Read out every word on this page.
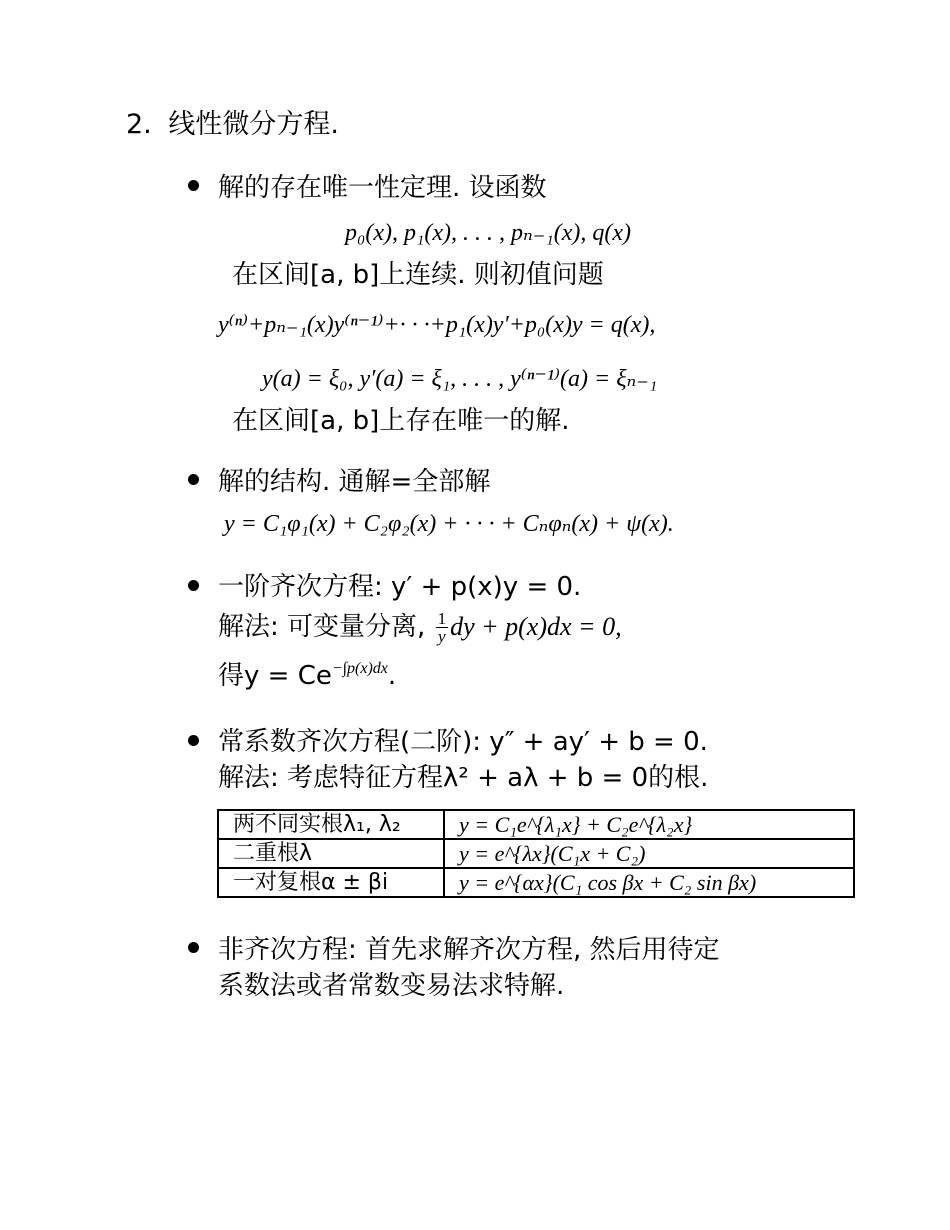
2. 线性微分方程.
解的存在唯一性定理. 设函数
p₀(x), p₁(x), . . . , pₙ₋₁(x), q(x)
在区间[a, b]上连续. 则初值问题
y⁽ⁿ⁾+pₙ₋₁(x)y⁽ⁿ⁻¹⁾+· · ·+p₁(x)y′+p₀(x)y = q(x),
y(a) = ξ₀, y′(a) = ξ₁, . . . , y⁽ⁿ⁻¹⁾(a) = ξₙ₋₁
在区间[a, b]上存在唯一的解.
解的结构. 通解=全部解
y = C₁φ₁(x) + C₂φ₂(x) + · · · + Cₙφₙ(x) + ψ(x).
一阶齐次方程: y′ + p(x)y = 0.
解法: 可变量分离, $\frac{1}{y}$ dy + p(x)dx = 0,
得$y = Ce^{-\int p(x)dx}$.
常系数齐次方程(二阶): y″ + ay′ + b = 0.
解法: 考虑特征方程λ² + aλ + b = 0的根.
两不同实根λ₁, λ₂	y = C₁e^{λ₁x} + C₂e^{λ₂x}
二重根λ	y = e^{λx}(C₁x + C₂)
一对复根α ± βi	y = e^{αx}(C₁ cos βx + C₂ sin βx)
非齐次方程: 首先求解齐次方程, 然后用待定
系数法或者常数变易法求特解.
